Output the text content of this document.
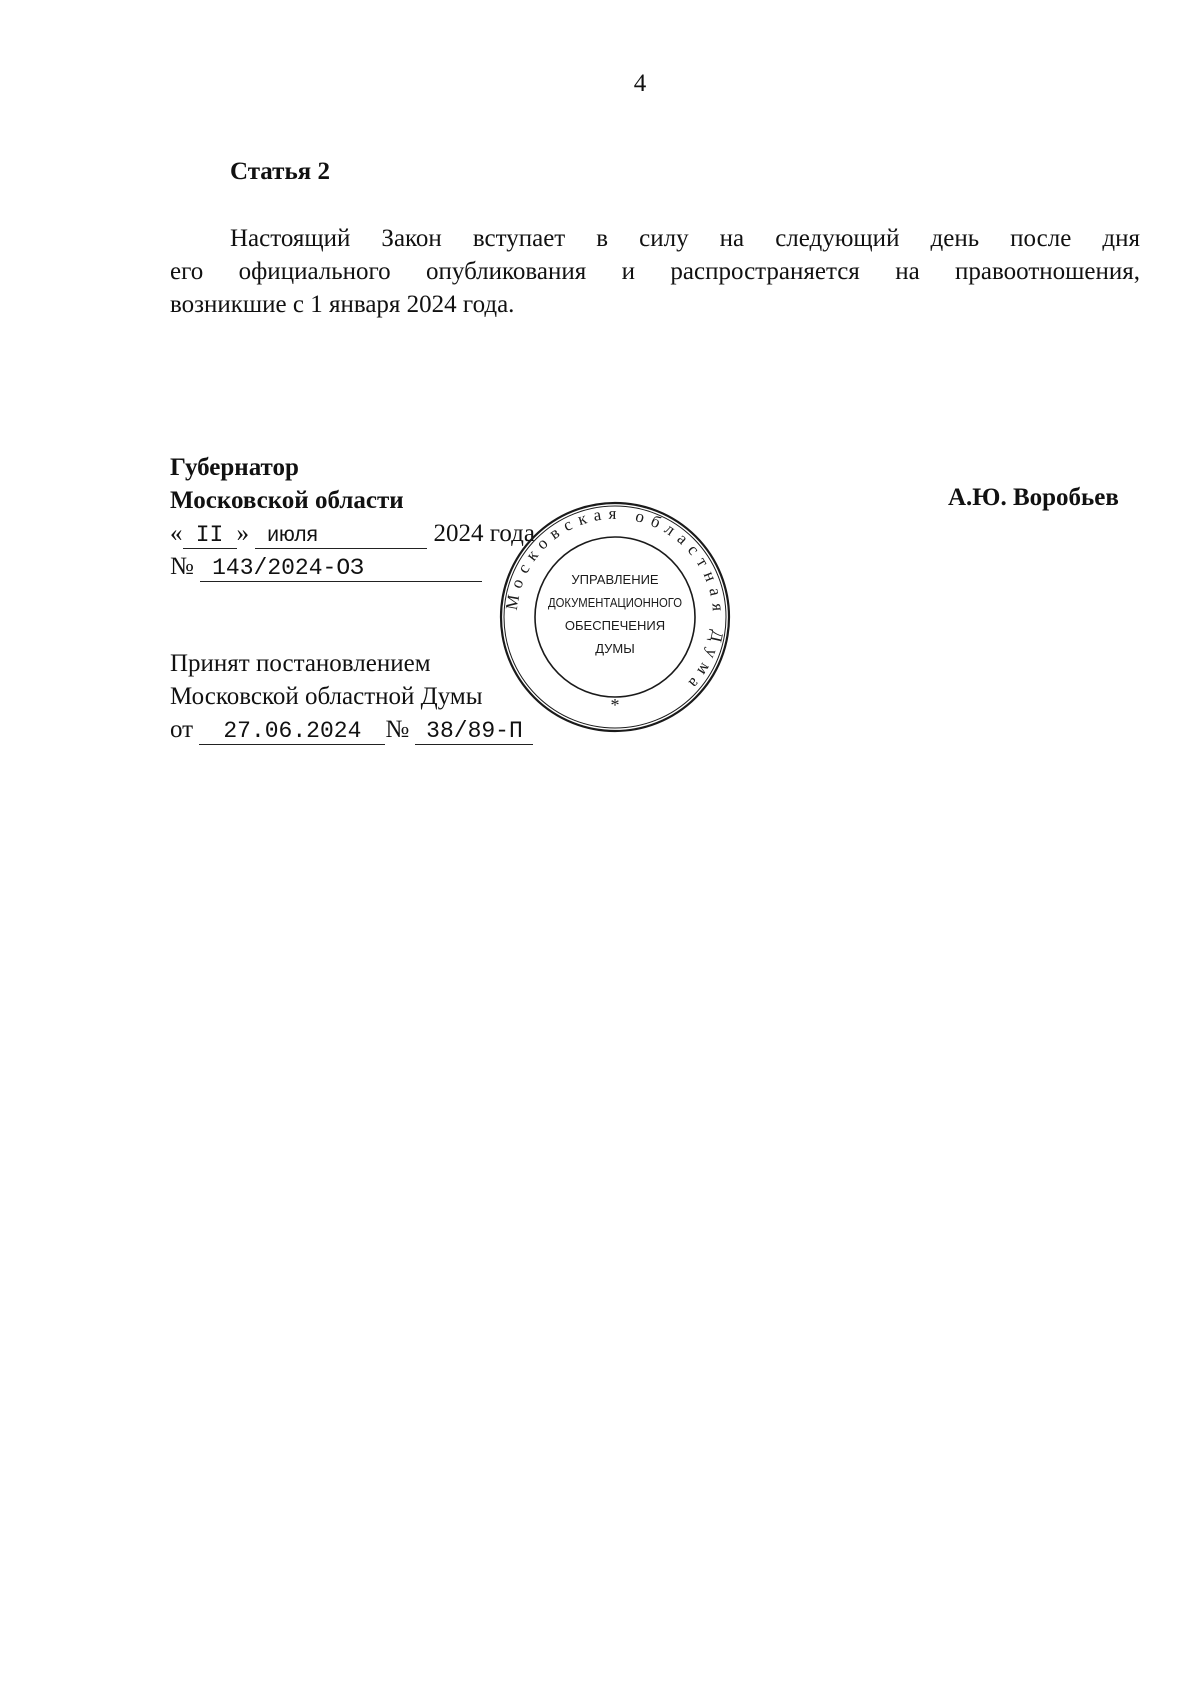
4
Статья 2
Настоящий Закон вступает в силу на следующий день после дня
его официального опубликования и распространяется на правоотношения,
возникшие с 1 января 2024 года.
Губернатор
Московской области
« II » июля	2024 года
№ 143/2024-ОЗ
А.Ю. Воробьев
Принят постановлением
Московской областной Думы
от 27.06.2024 № 38/89-П
Московская областная Дума
УПРАВЛЕНИЕ
ДОКУМЕНТАЦИОННОГО
ОБЕСПЕЧЕНИЯ
ДУМЫ
*
